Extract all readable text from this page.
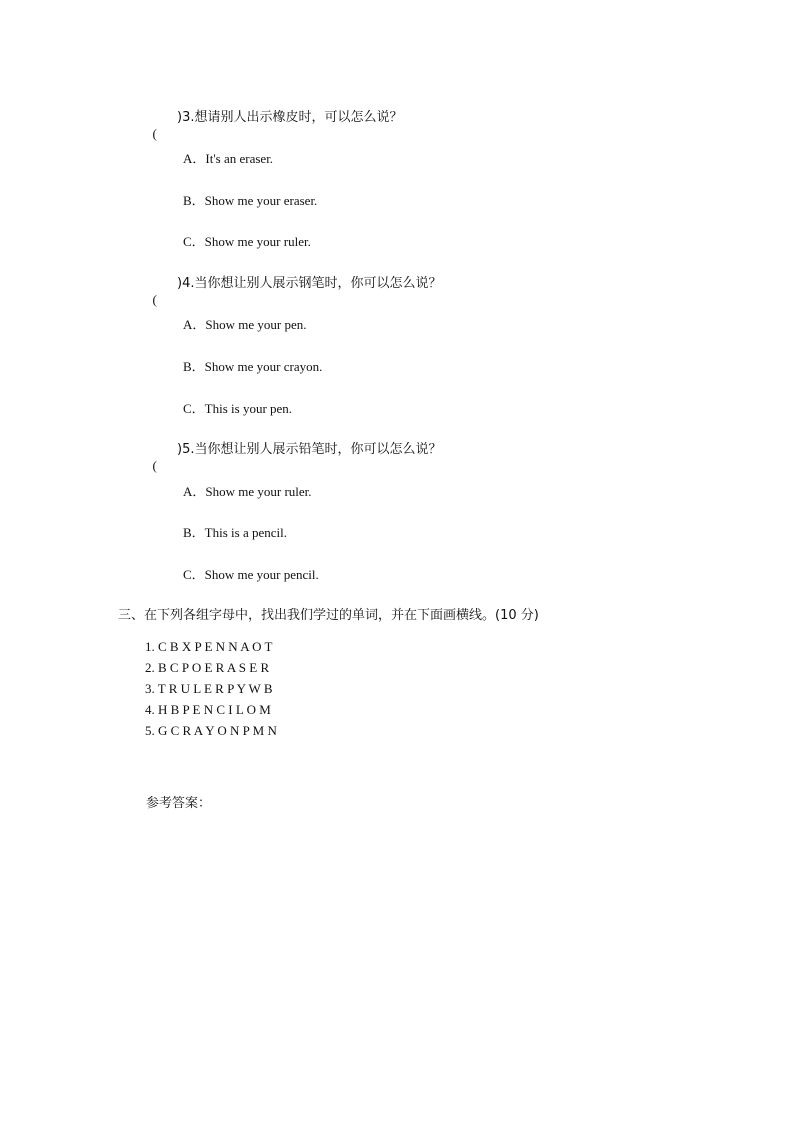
(
)3.想请别人出示橡皮时，可以怎么说？

A．It's an eraser.
B．Show me your eraser.
C．Show me your ruler.

(
)4.当你想让别人展示钢笔时，你可以怎么说？

A．Show me your pen.
B．Show me your crayon.
C．This is your pen.

(
)5.当你想让别人展示铅笔时，你可以怎么说？

A．Show me your ruler.
B．This is a pencil.
C．Show me your pencil.
三、在下列各组字母中，找出我们学过的单词，并在下面画横线。(10 分)
1. C B X P E N N A O T
2. B C P O E R A S E R
3. T R U L E R P Y W B
4. H B P E N C I L O M
5. G C R A Y O N P M N
参考答案：
